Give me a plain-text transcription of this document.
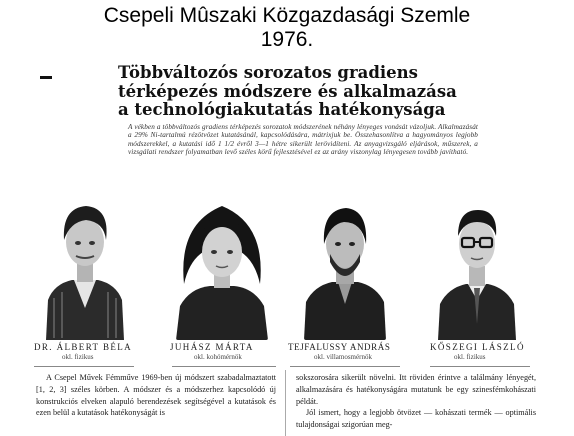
Csepeli Mûszaki Közgazdasági Szemle
1976.
Többváltozós sorozatos gradiens
térképezés módszere és alkalmazása
a technológiakutatás hatékonysága
A vékben a többváltozós gradiens térképezés sorozatok módszerének néhány lényeges vonását vázoljuk. Alkalmazását a 29% Ni-tartalmú rézötvözet kutatásánál, kapcsolódására, mátrixjuk be. Összehasonlítva a hagyományos legjobb módszerekkel, a kutatási idő 1 1/2 évről 3—1 hétre sikerült lerövidíteni. Az anyagvizsgáló eljárások, műszerek, a vizsgálati rendszer folyamatban levő széles körű fejlesztésével ez az arány viszonylag lényegesen tovább javítható.
DR. ÁLBERT BÉLA
okl. fizikus
JUHÁSZ MÁRTA
okl. kohómérnök
TEJFALUSSY ANDRÁS
okl. villamosmérnök
KŐSZEGI LÁSZLÓ
okl. fizikus

A Csepel Művek Fémműve 1969-ben új módszert szabadalmaztatott [1, 2, 3] széles körben. A módszer és a módszerhez kapcsolódó új konstrukciós elveken alapuló berendezések segítségével a kutatások és ezen belül a kutatások hatékonyságát is

sokszorosára sikerült növelni. Itt röviden érintve a találmány lényegét, alkalmazására és hatékonyságára mutatunk be egy szinesfémkohászati példát.

Jól ismert, hogy a legjobb ötvözet — kohászati termék — optimális tulajdonságai szigorúan meg-
